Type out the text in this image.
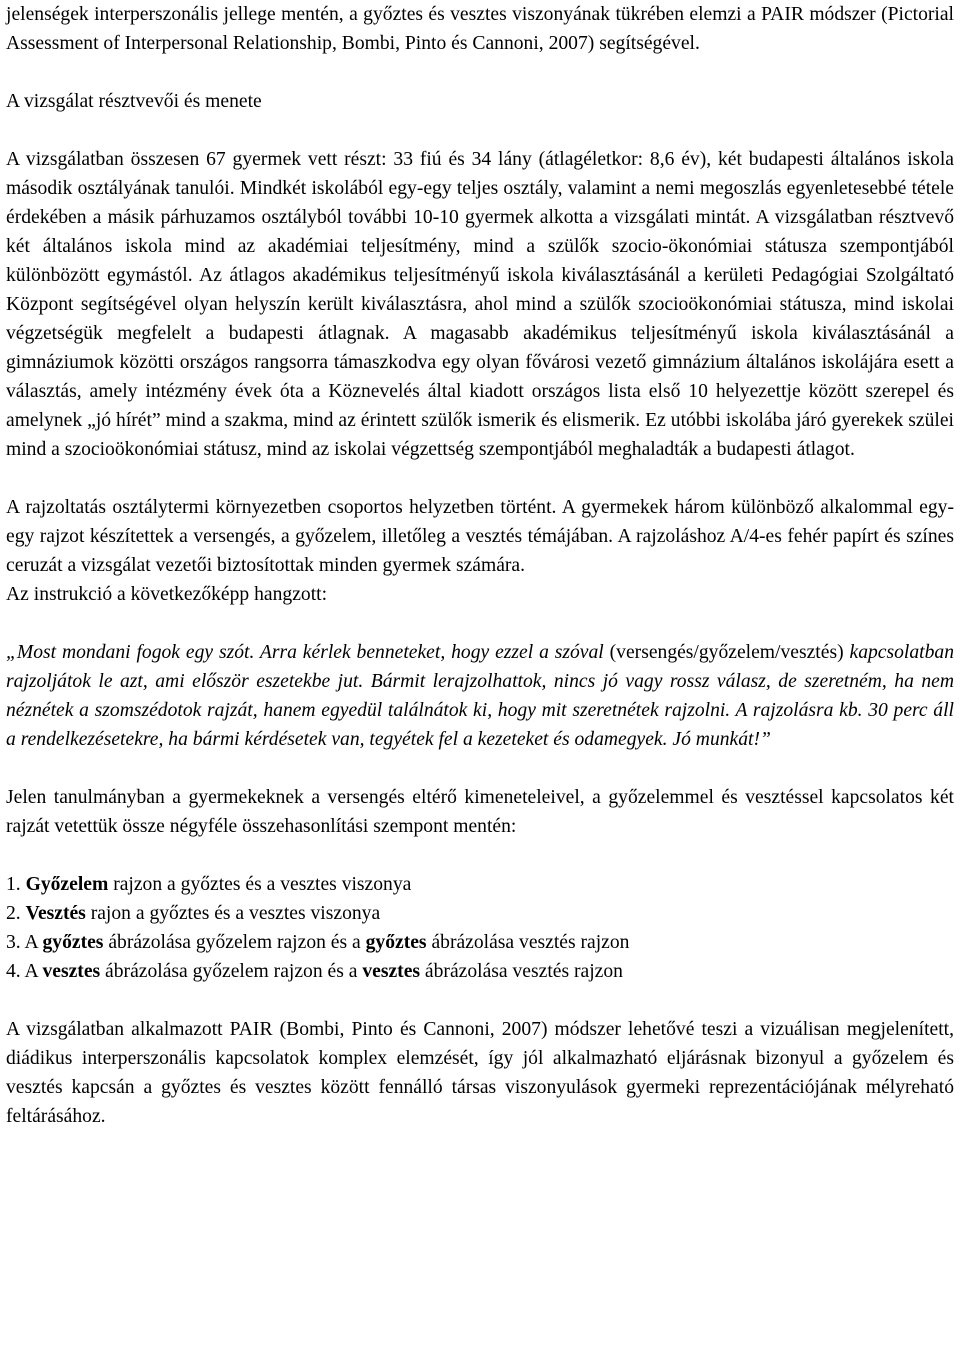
jelenségek interperszonális jellege mentén, a győztes és vesztes viszonyának tükrében elemzi a PAIR módszer (Pictorial Assessment of Interpersonal Relationship, Bombi, Pinto és Cannoni, 2007) segítségével.

A vizsgálat résztvevői és menete

A vizsgálatban összesen 67 gyermek vett részt: 33 fiú és 34 lány (átlagéletkor: 8,6 év), két budapesti általános iskola második osztályának tanulói. Mindkét iskolából egy-egy teljes osztály, valamint a nemi megoszlás egyenletesebbé tétele érdekében a másik párhuzamos osztályból további 10-10 gyermek alkotta a vizsgálati mintát. A vizsgálatban résztvevő két általános iskola mind az akadémiai teljesítmény, mind a szülők szocio-ökonómiai státusza szempontjából különbözött egymástól. Az átlagos akadémikus teljesítményű iskola kiválasztásánál a kerületi Pedagógiai Szolgáltató Központ segítségével olyan helyszín került kiválasztásra, ahol mind a szülők szocioökonómiai státusza, mind iskolai végzetségük megfelelt a budapesti átlagnak. A magasabb akadémikus teljesítményű iskola kiválasztásánál a gimnáziumok közötti országos rangsorra támaszkodva egy olyan fővárosi vezető gimnázium általános iskolájára esett a választás, amely intézmény évek óta a Köznevelés által kiadott országos lista első 10 helyezettje között szerepel és amelynek „jó hírét” mind a szakma, mind az érintett szülők ismerik és elismerik. Ez utóbbi iskolába járó gyerekek szülei mind a szocioökonómiai státusz, mind az iskolai végzettség szempontjából meghaladták a budapesti átlagot.

A rajzoltatás osztálytermi környezetben csoportos helyzetben történt. A gyermekek három különböző alkalommal egy-egy rajzot készítettek a versengés, a győzelem, illetőleg a vesztés témájában. A rajzoláshoz A/4-es fehér papírt és színes ceruzát a vizsgálat vezetői biztosítottak minden gyermek számára.

Az instrukció a következőképp hangzott:

„Most mondani fogok egy szót. Arra kérlek benneteket, hogy ezzel a szóval (versengés/győzelem/vesztés) kapcsolatban rajzoljátok le azt, ami először eszetekbe jut. Bármit lerajzolhattok, nincs jó vagy rossz válasz, de szeretném, ha nem néznétek a szomszédotok rajzát, hanem egyedül találnátok ki, hogy mit szeretnétek rajzolni. A rajzolásra kb. 30 perc áll a rendelkezésetekre, ha bármi kérdésetek van, tegyétek fel a kezeteket és odamegyek. Jó munkát!”

Jelen tanulmányban a gyermekeknek a versengés eltérő kimeneteleivel, a győzelemmel és vesztéssel kapcsolatos két rajzát vetettük össze négyféle összehasonlítási szempont mentén:

1. Győzelem rajzon a győztes és a vesztes viszonya

2. Vesztés rajon a győztes és a vesztes viszonya

3. A győztes ábrázolása győzelem rajzon és a győztes ábrázolása vesztés rajzon

4. A vesztes ábrázolása győzelem rajzon és a vesztes ábrázolása vesztés rajzon

A vizsgálatban alkalmazott PAIR (Bombi, Pinto és Cannoni, 2007) módszer lehetővé teszi a vizuálisan megjelenített, diádikus interperszonális kapcsolatok komplex elemzését, így jól alkalmazható eljárásnak bizonyul a győzelem és vesztés kapcsán a győztes és vesztes között fennálló társas viszonyulások gyermeki reprezentációjának mélyreható feltárásához.
